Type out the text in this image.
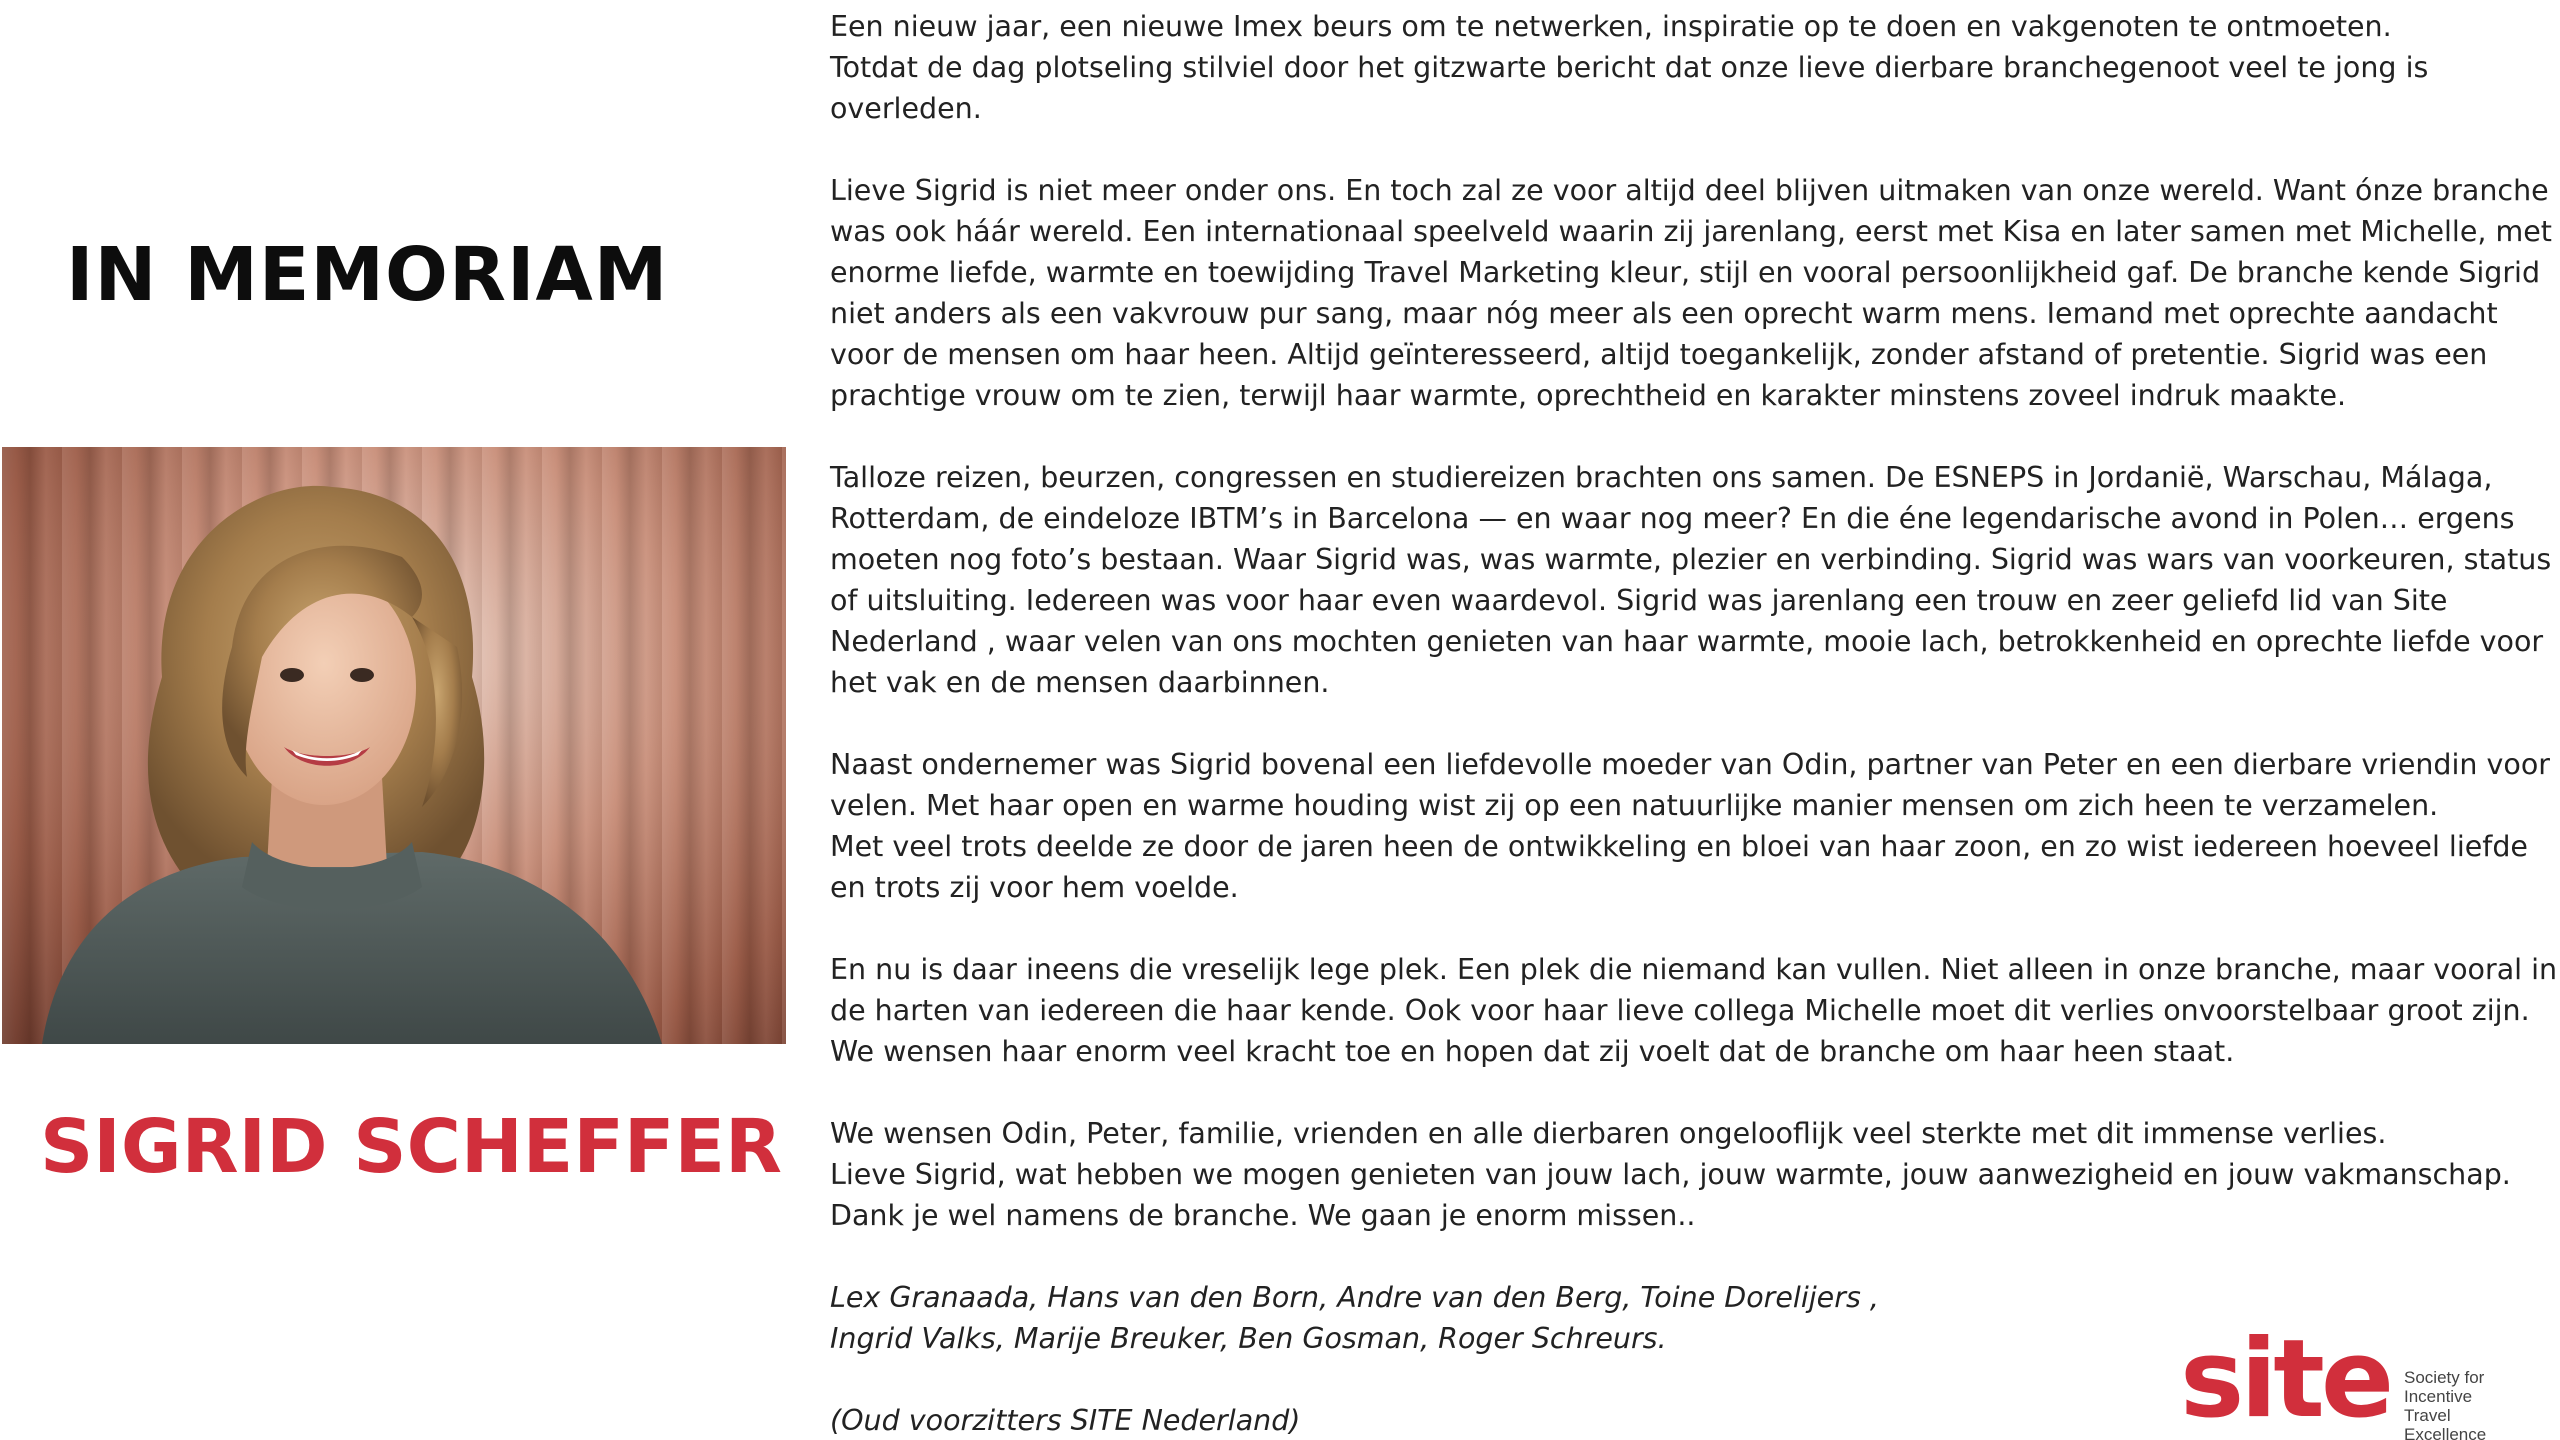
IN MEMORIAM
SIGRID SCHEFFER

Een nieuw jaar, een nieuwe Imex beurs om te netwerken, inspiratie op te doen en vakgenoten te ontmoeten.
Totdat de dag plotseling stilviel door het gitzwarte bericht dat onze lieve dierbare branchegenoot veel te jong is
overleden.

Lieve Sigrid is niet meer onder ons. En toch zal ze voor altijd deel blijven uitmaken van onze wereld. Want ónze branche
was ook háár wereld. Een internationaal speelveld waarin zij jarenlang, eerst met Kisa en later samen met Michelle, met
enorme liefde, warmte en toewijding Travel Marketing kleur, stijl en vooral persoonlijkheid gaf. De branche kende Sigrid
niet anders als een vakvrouw pur sang, maar nóg meer als een oprecht warm mens. Iemand met oprechte aandacht
voor de mensen om haar heen. Altijd geïnteresseerd, altijd toegankelijk, zonder afstand of pretentie. Sigrid was een
prachtige vrouw om te zien, terwijl haar warmte, oprechtheid en karakter minstens zoveel indruk maakte.

Talloze reizen, beurzen, congressen en studiereizen brachten ons samen. De ESNEPS in Jordanië, Warschau, Málaga,
Rotterdam, de eindeloze IBTM’s in Barcelona — en waar nog meer? En die éne legendarische avond in Polen… ergens
moeten nog foto’s bestaan. Waar Sigrid was, was warmte, plezier en verbinding. Sigrid was wars van voorkeuren, status
of uitsluiting. Iedereen was voor haar even waardevol. Sigrid was jarenlang een trouw en zeer geliefd lid van Site
Nederland , waar velen van ons mochten genieten van haar warmte, mooie lach, betrokkenheid en oprechte liefde voor
het vak en de mensen daarbinnen.

Naast ondernemer was Sigrid bovenal een liefdevolle moeder van Odin, partner van Peter en een dierbare vriendin voor
velen. Met haar open en warme houding wist zij op een natuurlijke manier mensen om zich heen te verzamelen.
Met veel trots deelde ze door de jaren heen de ontwikkeling en bloei van haar zoon, en zo wist iedereen hoeveel liefde
en trots zij voor hem voelde.

En nu is daar ineens die vreselijk lege plek. Een plek die niemand kan vullen. Niet alleen in onze branche, maar vooral in
de harten van iedereen die haar kende. Ook voor haar lieve collega Michelle moet dit verlies onvoorstelbaar groot zijn.
We wensen haar enorm veel kracht toe en hopen dat zij voelt dat de branche om haar heen staat.

We wensen Odin, Peter, familie, vrienden en alle dierbaren ongelooflijk veel sterkte met dit immense verlies.
Lieve Sigrid, wat hebben we mogen genieten van jouw lach, jouw warmte, jouw aanwezigheid en jouw vakmanschap.
Dank je wel namens de branche. We gaan je enorm missen..

Lex Granaada, Hans van den Born, Andre van den Berg, Toine Dorelijers ,
Ingrid Valks, Marije Breuker, Ben Gosman, Roger Schreurs.

(Oud voorzitters SITE Nederland)	site Society for
Incentive
Travel
Excellence
